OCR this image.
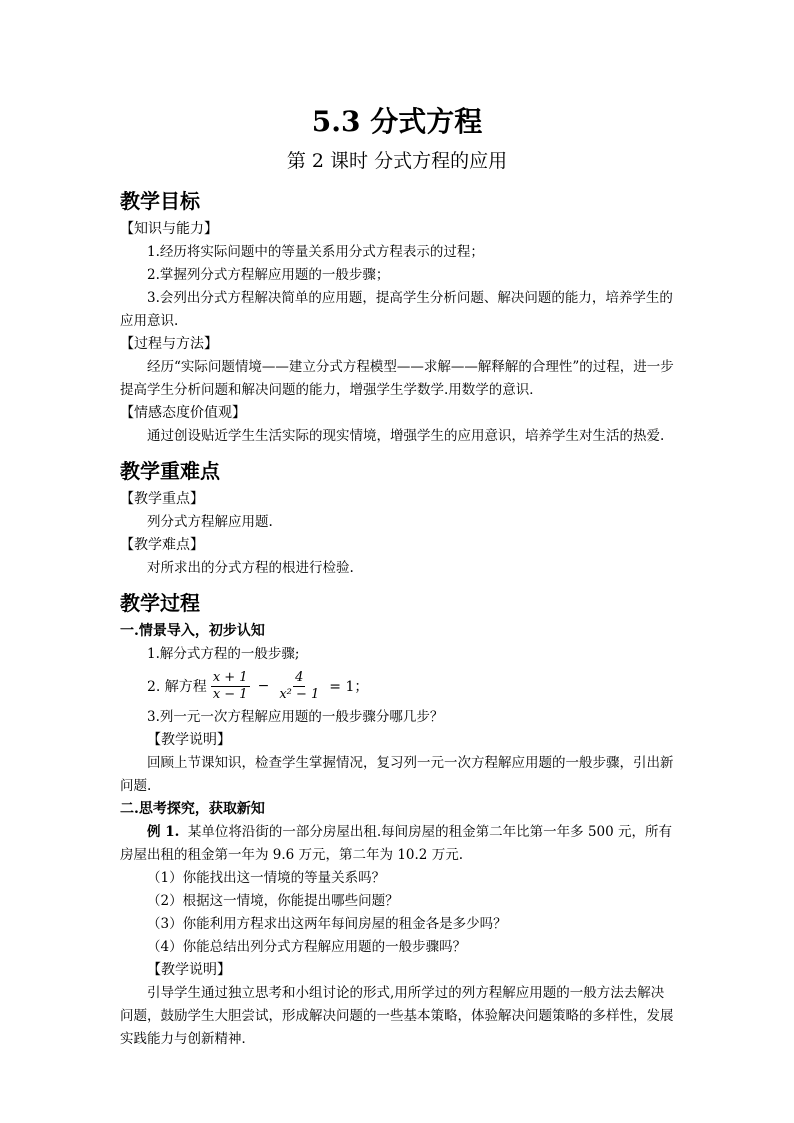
5.3 分式方程
第 2 课时 分式方程的应用
教学目标
【知识与能力】

1.经历将实际问题中的等量关系用分式方程表示的过程；

2.掌握列分式方程解应用题的一般步骤；

3.会列出分式方程解决简单的应用题，提高学生分析问题、解决问题的能力，培养学生的应用意识.

【过程与方法】

经历“实际问题情境——建立分式方程模型——求解——解释解的合理性”的过程，进一步提高学生分析问题和解决问题的能力，增强学生学数学.用数学的意识．

【情感态度价值观】

通过创设贴近学生生活实际的现实情境，增强学生的应用意识，培养学生对生活的热爱.

教学重难点
【教学重点】

列分式方程解应用题.

【教学难点】

对所求出的分式方程的根进行检验.

教学过程
一.情景导入，初步认知

1.解分式方程的一般步骤;

2. 解方程 $\frac{x + 1}{x - 1} - \frac{4}{\text{x² − 1}} = 1$；

3.列一元一次方程解应用题的一般步骤分哪几步？

【教学说明】

回顾上节课知识，检查学生掌握情况，复习列一元一次方程解应用题的一般步骤，引出新问题.

二.思考探究，获取新知

例 1. 某单位将沿街的一部分房屋出租.每间房屋的租金第二年比第一年多 500 元，所有房屋出租的租金第一年为 9.6 万元，第二年为 10.2 万元.

（1）你能找出这一情境的等量关系吗？
（2）根据这一情境，你能提出哪些问题？
（3）你能利用方程求出这两年每间房屋的租金各是多少吗？
（4）你能总结出列分式方程解应用题的一般步骤吗？
【教学说明】

引导学生通过独立思考和小组讨论的形式,用所学过的列方程解应用题的一般方法去解决问题，鼓励学生大胆尝试，形成解决问题的一些基本策略，体验解决问题策略的多样性，发展实践能力与创新精神．
